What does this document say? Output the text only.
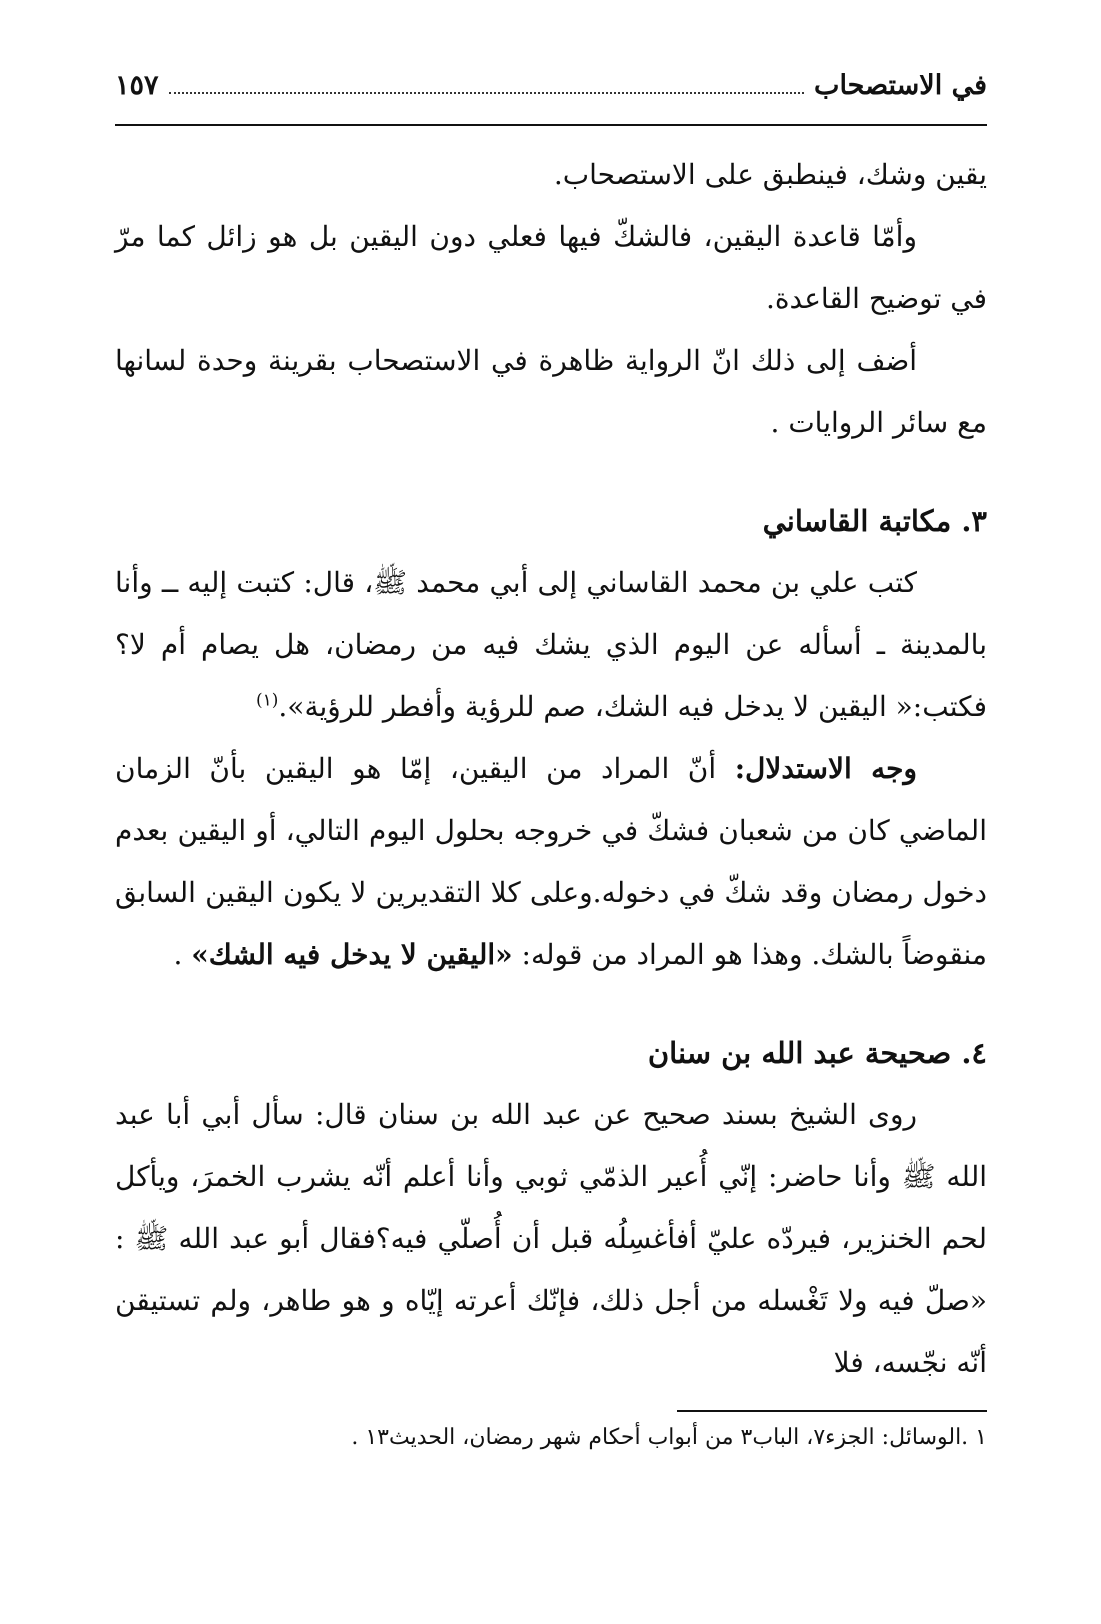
في الاستصحاب
١٥٧

يقين وشك، فينطبق على الاستصحاب.

وأمّا قاعدة اليقين، فالشكّ فيها فعلي دون اليقين بل هو زائل كما مرّ في توضيح القاعدة.

أضف إلى ذلك انّ الرواية ظاهرة في الاستصحاب بقرينة وحدة لسانها مع سائر الروايات .

٣. مكاتبة القاساني

كتب علي بن محمد القاساني إلى أبي محمد ﷺ، قال: كتبت إليه ــ وأنا بالمدينة ـ أسأله عن اليوم الذي يشك فيه من رمضان، هل يصام أم لا؟ فكتب:« اليقين لا يدخل فيه الشك، صم للرؤية وأفطر للرؤية».$^{(١)}$

وجه الاستدلال: أنّ المراد من اليقين، إمّا هو اليقين بأنّ الزمان الماضي كان من شعبان فشكّ في خروجه بحلول اليوم التالي، أو اليقين بعدم دخول رمضان وقد شكّ في دخوله.وعلى كلا التقديرين لا يكون اليقين السابق منقوضاً بالشك. وهذا هو المراد من قوله: «اليقين لا يدخل فيه الشك» .

٤. صحيحة عبد الله بن سنان

روى الشيخ بسند صحيح عن عبد الله بن سنان قال: سأل أبي أبا عبد الله ﷺ وأنا حاضر: إنّي أُعير الذمّي ثوبي وأنا أعلم أنّه يشرب الخمرَ، ويأكل لحم الخنزير، فيردّه عليّ أفأغسِلُه قبل أن أُصلّي فيه؟فقال أبو عبد الله ﷺ : «صلّ فيه ولا تَغْسله من أجل ذلك، فإنّك أعرته إيّاه و هو طاهر، ولم تستيقن أنّه نجّسه، فلا

١ .الوسائل: الجزء٧، الباب٣ من أبواب أحكام شهر رمضان، الحديث١٣ .
